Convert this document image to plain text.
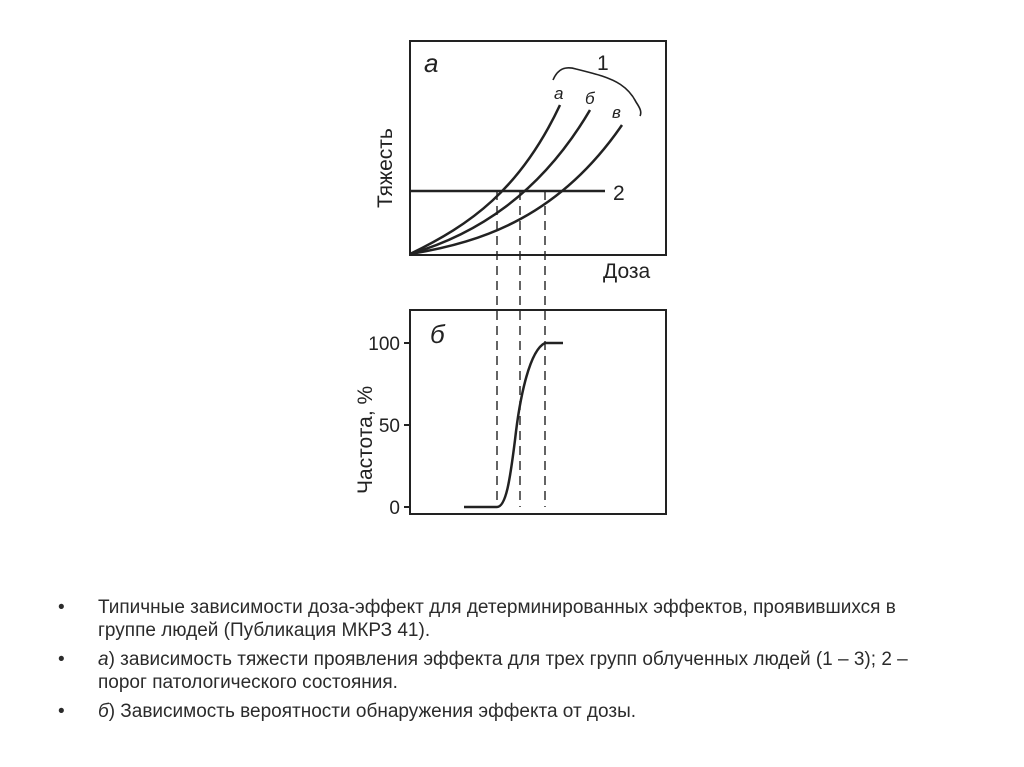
а
Тяжесть
Доза
а б
в
1
2
б
Частота, %
100
50
0
• Типичные зависимости доза-эффект для детерминированных эффектов, проявившихся в группе людей (Публикация МКРЗ 41).
• а) зависимость тяжести проявления эффекта для трех групп облученных людей (1 – 3); 2 – порог патологического состояния.
• б) Зависимость вероятности обнаружения эффекта от дозы.
